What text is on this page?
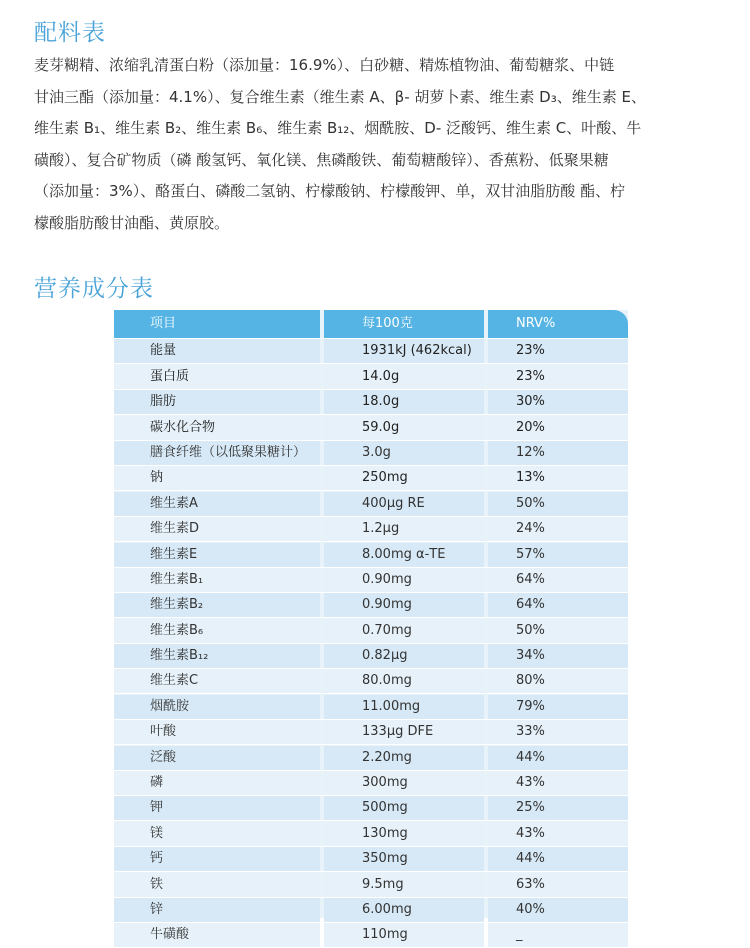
配料表

麦芽糊精、浓缩乳清蛋白粉（添加量：16.9%）、白砂糖、精炼植物油、葡萄糖浆、中链

甘油三酯（添加量：4.1%）、复合维生素（维生素 A、β- 胡萝卜素、维生素 D₃、维生素 E、

维生素 B₁、维生素 B₂、维生素 B₆、维生素 B₁₂、烟酰胺、D- 泛酸钙、维生素 C、叶酸、牛

磺酸）、复合矿物质（磷 酸氢钙、氧化镁、焦磷酸铁、葡萄糖酸锌）、香蕉粉、低聚果糖

（添加量：3%）、酪蛋白、磷酸二氢钠、柠檬酸钠、柠檬酸钾、单，双甘油脂肪酸 酯、柠

檬酸脂肪酸甘油酯、黄原胶。

营养成分表
项目	每100克	NRV%
能量	1931kJ (462kcal)	23%
蛋白质	14.0g	23%
脂肪	18.0g	30%
碳水化合物	59.0g	20%
膳食纤维（以低聚果糖计）	3.0g	12%
钠	250mg	13%
维生素A	400µg RE	50%
维生素D	1.2µg	24%
维生素E	8.00mg α-TE	57%
维生素B₁	0.90mg	64%
维生素B₂	0.90mg	64%
维生素B₆	0.70mg	50%
维生素B₁₂	0.82µg	34%
维生素C	80.0mg	80%
烟酰胺	11.00mg	79%
叶酸	133µg DFE	33%
泛酸	2.20mg	44%
磷	300mg	43%
钾	500mg	25%
镁	130mg	43%
钙	350mg	44%
铁	9.5mg	63%
锌	6.00mg	40%
牛磺酸	110mg	_
